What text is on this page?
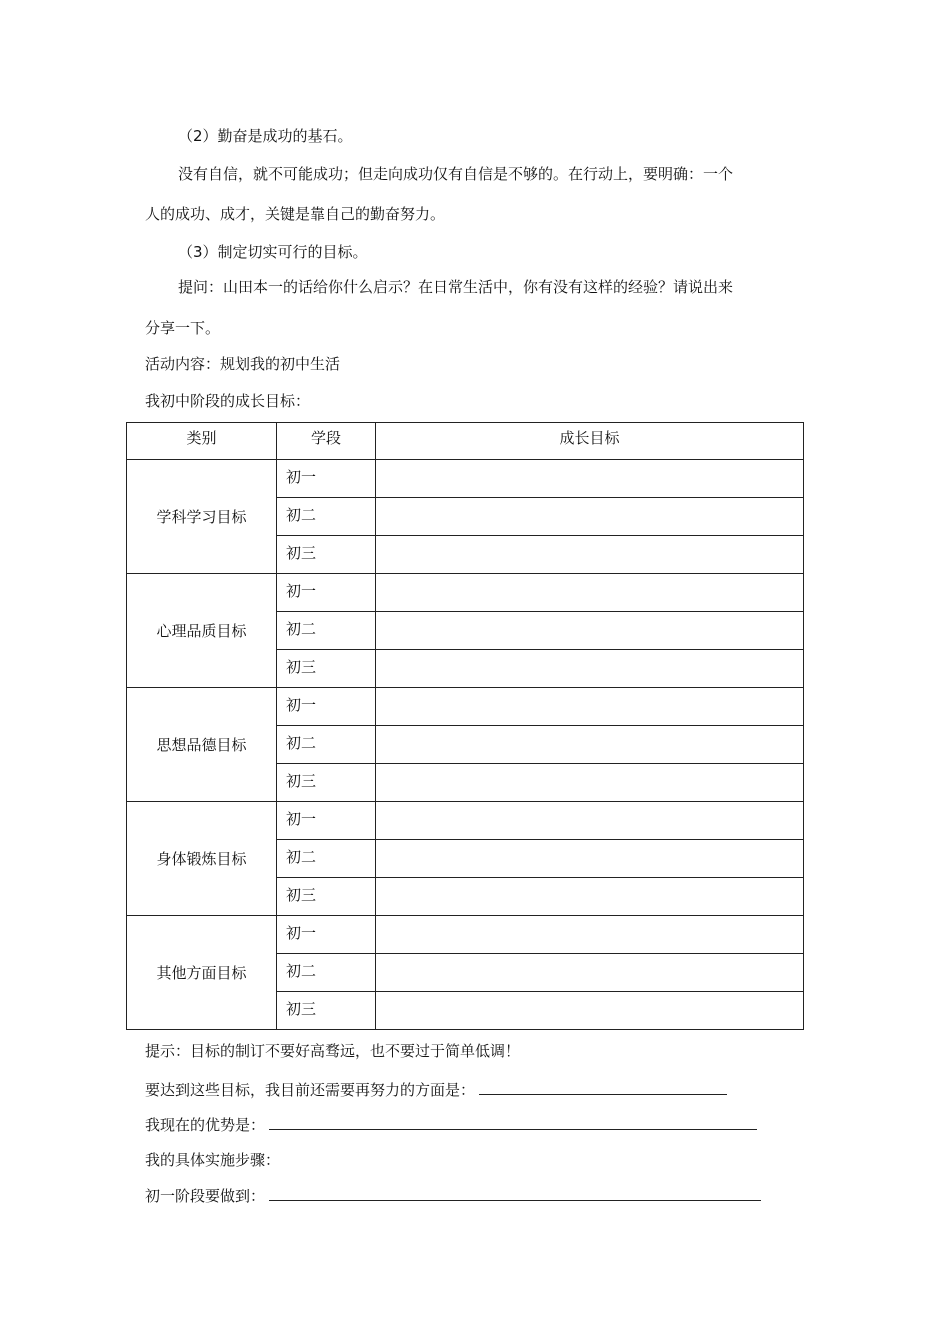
（2）勤奋是成功的基石。
没有自信，就不可能成功；但走向成功仅有自信是不够的。在行动上，要明确：一个
人的成功、成才，关键是靠自己的勤奋努力。
（3）制定切实可行的目标。
提问：山田本一的话给你什么启示？在日常生活中，你有没有这样的经验？请说出来
分享一下。
活动内容：规划我的初中生活
我初中阶段的成长目标：
类别	学段	成长目标
学科学习目标	初一	
	初二	
	初三	
心理品质目标	初一	
	初二	
	初三	
思想品德目标	初一	
	初二	
	初三	
身体锻炼目标	初一	
	初二	
	初三	
其他方面目标	初一	
	初二	
	初三	
提示：目标的制订不要好高骛远，也不要过于简单低调！
要达到这些目标，我目前还需要再努力的方面是：
我现在的优势是：
我的具体实施步骤：
初一阶段要做到：
